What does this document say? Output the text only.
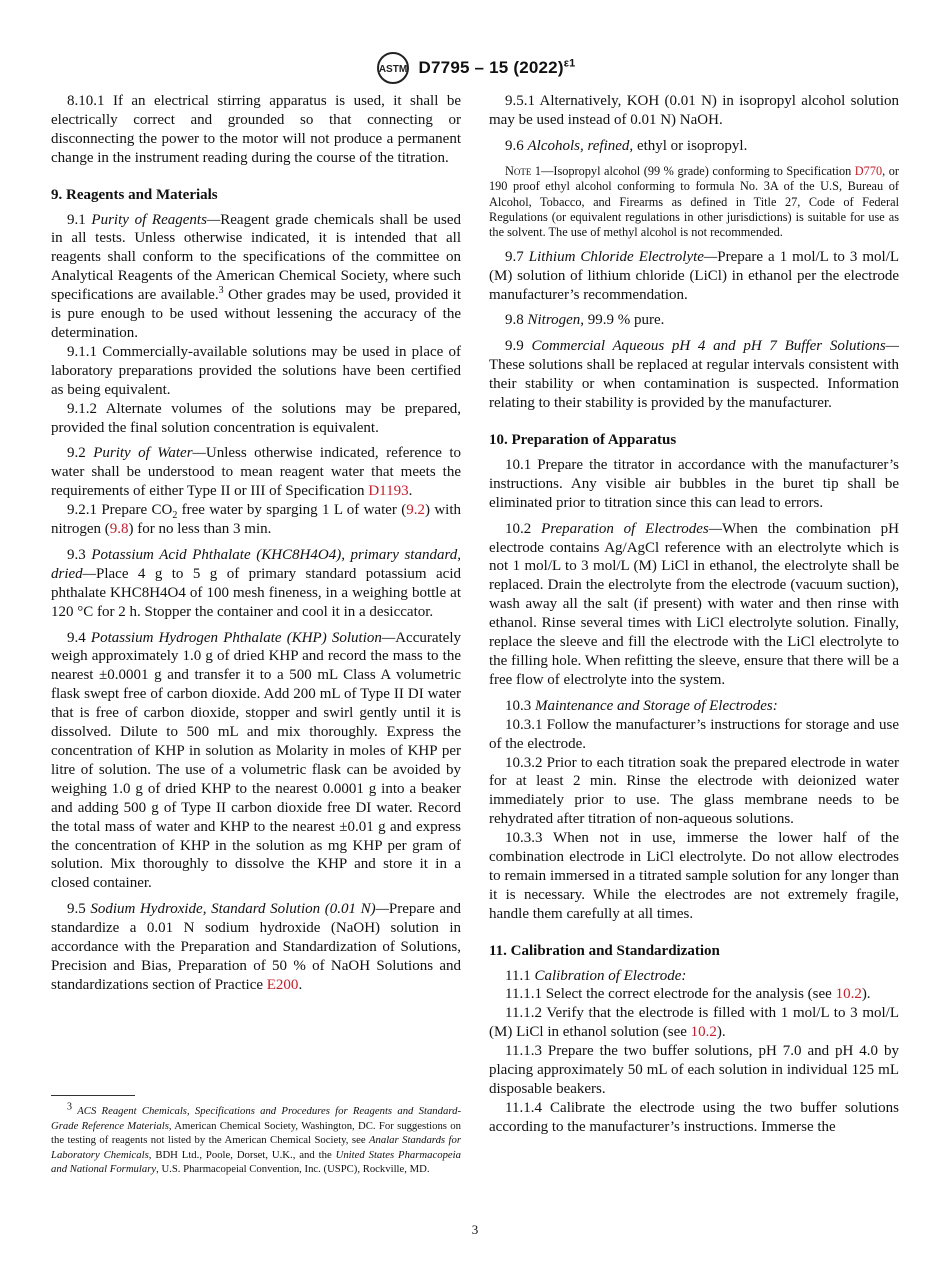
ASTM D7795 – 15 $(2022)^{\varepsilon 1}$

8.10.1 If an electrical stirring apparatus is used, it shall be electrically correct and grounded so that connecting or disconnecting the power to the motor will not produce a permanent change in the instrument reading during the course of the titration.

9. Reagents and Materials

9.1 Purity of Reagents—Reagent grade chemicals shall be used in all tests. Unless otherwise indicated, it is intended that all reagents shall conform to the specifications of the committee on Analytical Reagents of the American Chemical Society, where such specifications are available.$^3$ Other grades may be used, provided it is pure enough to be used without lessening the accuracy of the determination.

9.1.1 Commercially-available solutions may be used in place of laboratory preparations provided the solutions have been certified as being equivalent.

9.1.2 Alternate volumes of the solutions may be prepared, provided the final solution concentration is equivalent.

9.2 Purity of Water—Unless otherwise indicated, reference to water shall be understood to mean reagent water that meets the requirements of either Type II or III of Specification D1193.

9.2.1 Prepare $CO_2$ free water by sparging 1 L of water (9.2) with nitrogen (9.8) for no less than 3 min.

9.3 Potassium Acid Phthalate (KHC8H4O4), primary standard, dried—Place 4 g to 5 g of primary standard potassium acid phthalate KHC8H4O4 of 100 mesh fineness, in a weighing bottle at 120 °C for 2 h. Stopper the container and cool it in a desiccator.

9.4 Potassium Hydrogen Phthalate (KHP) Solution—Accurately weigh approximately 1.0 g of dried KHP and record the mass to the nearest ±0.0001 g and transfer it to a 500 mL Class A volumetric flask swept free of carbon dioxide. Add 200 mL of Type II DI water that is free of carbon dioxide, stopper and swirl gently until it is dissolved. Dilute to 500 mL and mix thoroughly. Express the concentration of KHP in solution as Molarity in moles of KHP per litre of solution. The use of a volumetric flask can be avoided by weighing 1.0 g of dried KHP to the nearest 0.0001 g into a beaker and adding 500 g of Type II carbon dioxide free DI water. Record the total mass of water and KHP to the nearest ±0.01 g and express the concentration of KHP in the solution as mg KHP per gram of solution. Mix thoroughly to dissolve the KHP and store it in a closed container.

9.5 Sodium Hydroxide, Standard Solution (0.01 N)—Prepare and standardize a 0.01 N sodium hydroxide (NaOH) solution in accordance with the Preparation and Standardization of Solutions, Precision and Bias, Preparation of 50 % of NaOH Solutions and standardizations section of Practice E200.

$^3$ ACS Reagent Chemicals, Specifications and Procedures for Reagents and Standard-Grade Reference Materials, American Chemical Society, Washington, DC. For suggestions on the testing of reagents not listed by the American Chemical Society, see Analar Standards for Laboratory Chemicals, BDH Ltd., Poole, Dorset, U.K., and the United States Pharmacopeia and National Formulary, U.S. Pharmacopeial Convention, Inc. (USPC), Rockville, MD.

9.5.1 Alternatively, KOH (0.01 N) in isopropyl alcohol solution may be used instead of 0.01 N) NaOH.

9.6 Alcohols, refined, ethyl or isopropyl.

Note 1—Isopropyl alcohol (99 % grade) conforming to Specification D770, or 190 proof ethyl alcohol conforming to formula No. 3A of the U.S, Bureau of Alcohol, Tobacco, and Firearms as defined in Title 27, Code of Federal Regulations (or equivalent regulations in other jurisdictions) is suitable for use as the solvent. The use of methyl alcohol is not recommended.

9.7 Lithium Chloride Electrolyte—Prepare a 1 mol/L to 3 mol/L (M) solution of lithium chloride (LiCl) in ethanol per the electrode manufacturer’s recommendation.

9.8 Nitrogen, 99.9 % pure.

9.9 Commercial Aqueous pH 4 and pH 7 Buffer Solutions—These solutions shall be replaced at regular intervals consistent with their stability or when contamination is suspected. Information relating to their stability is provided by the manufacturer.

10. Preparation of Apparatus

10.1 Prepare the titrator in accordance with the manufacturer’s instructions. Any visible air bubbles in the buret tip shall be eliminated prior to titration since this can lead to errors.

10.2 Preparation of Electrodes—When the combination pH electrode contains Ag/AgCl reference with an electrolyte which is not 1 mol/L to 3 mol/L (M) LiCl in ethanol, the electrolyte shall be replaced. Drain the electrolyte from the electrode (vacuum suction), wash away all the salt (if present) with water and then rinse with ethanol. Rinse several times with LiCl electrolyte solution. Finally, replace the sleeve and fill the electrode with the LiCl electrolyte to the filling hole. When refitting the sleeve, ensure that there will be a free flow of electrolyte into the system.

10.3 Maintenance and Storage of Electrodes:

10.3.1 Follow the manufacturer’s instructions for storage and use of the electrode.

10.3.2 Prior to each titration soak the prepared electrode in water for at least 2 min. Rinse the electrode with deionized water immediately prior to use. The glass membrane needs to be rehydrated after titration of non-aqueous solutions.

10.3.3 When not in use, immerse the lower half of the combination electrode in LiCl electrolyte. Do not allow electrodes to remain immersed in a titrated sample solution for any longer than it is necessary. While the electrodes are not extremely fragile, handle them carefully at all times.

11. Calibration and Standardization

11.1 Calibration of Electrode:

11.1.1 Select the correct electrode for the analysis (see 10.2).

11.1.2 Verify that the electrode is filled with 1 mol/L to 3 mol/L (M) LiCl in ethanol solution (see 10.2).

11.1.3 Prepare the two buffer solutions, pH 7.0 and pH 4.0 by placing approximately 50 mL of each solution in individual 125 mL disposable beakers.

11.1.4 Calibrate the electrode using the two buffer solutions according to the manufacturer’s instructions. Immerse the

3
